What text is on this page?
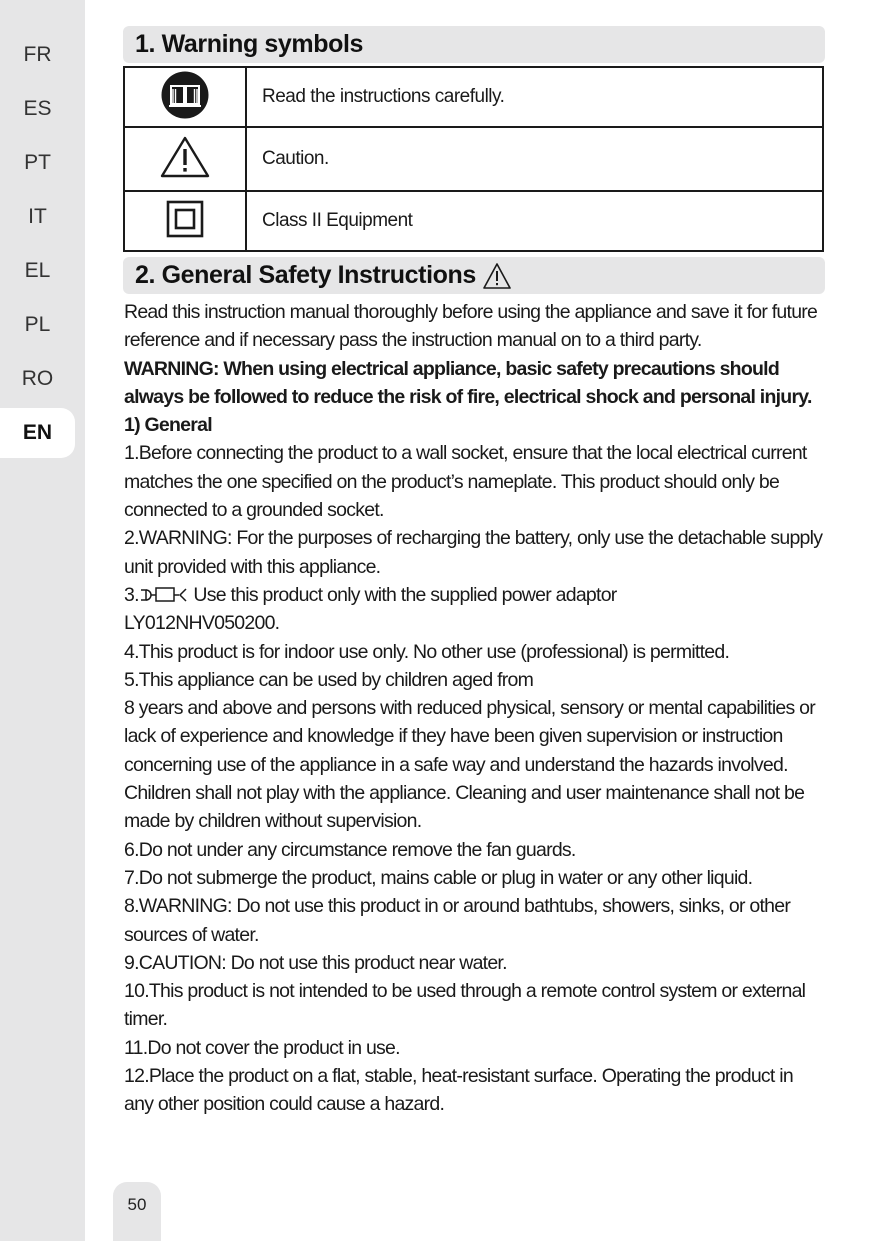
FR
ES
PT
IT
EL
PL
RO
EN
1. Warning symbols
	Read the instructions carefully.
	Caution.
	Class II Equipment
2. General Safety Instructions

Read this instruction manual thoroughly before using the appliance and save it for future reference and if necessary pass the instruction manual on to a third party.

WARNING: When using electrical appliance, basic safety precautions should always be followed to reduce the risk of fire, electrical shock and personal injury.

1) General

1.Before connecting the product to a wall socket, ensure that the local electrical current matches the one specified on the product’s nameplate. This product should only be connected to a grounded socket.

2.WARNING: For the purposes of recharging the battery, only use the detachable supply unit provided with this appliance.

3.	Use this product only with the supplied power adaptor
LY012NHV050200.

4.This product is for indoor use only. No other use (professional) is permitted.

5.This appliance can be used by children aged from

8 years and above and persons with reduced physical, sensory or mental capabilities or lack of experience and knowledge if they have been given supervision or instruction concerning use of the appliance in a safe way and understand the hazards involved. Children shall not play with the appliance. Cleaning and user maintenance shall not be made by children without supervision.

6.Do not under any circumstance remove the fan guards.

7.Do not submerge the product, mains cable or plug in water or any other liquid.

8.WARNING: Do not use this product in or around bathtubs, showers, sinks, or other sources of water.

9.CAUTION: Do not use this product near water.

10.This product is not intended to be used through a remote control system or external timer.

11.Do not cover the product in use.

12.Place the product on a flat, stable, heat-resistant surface. Operating the product in any other position could cause a hazard.

50
